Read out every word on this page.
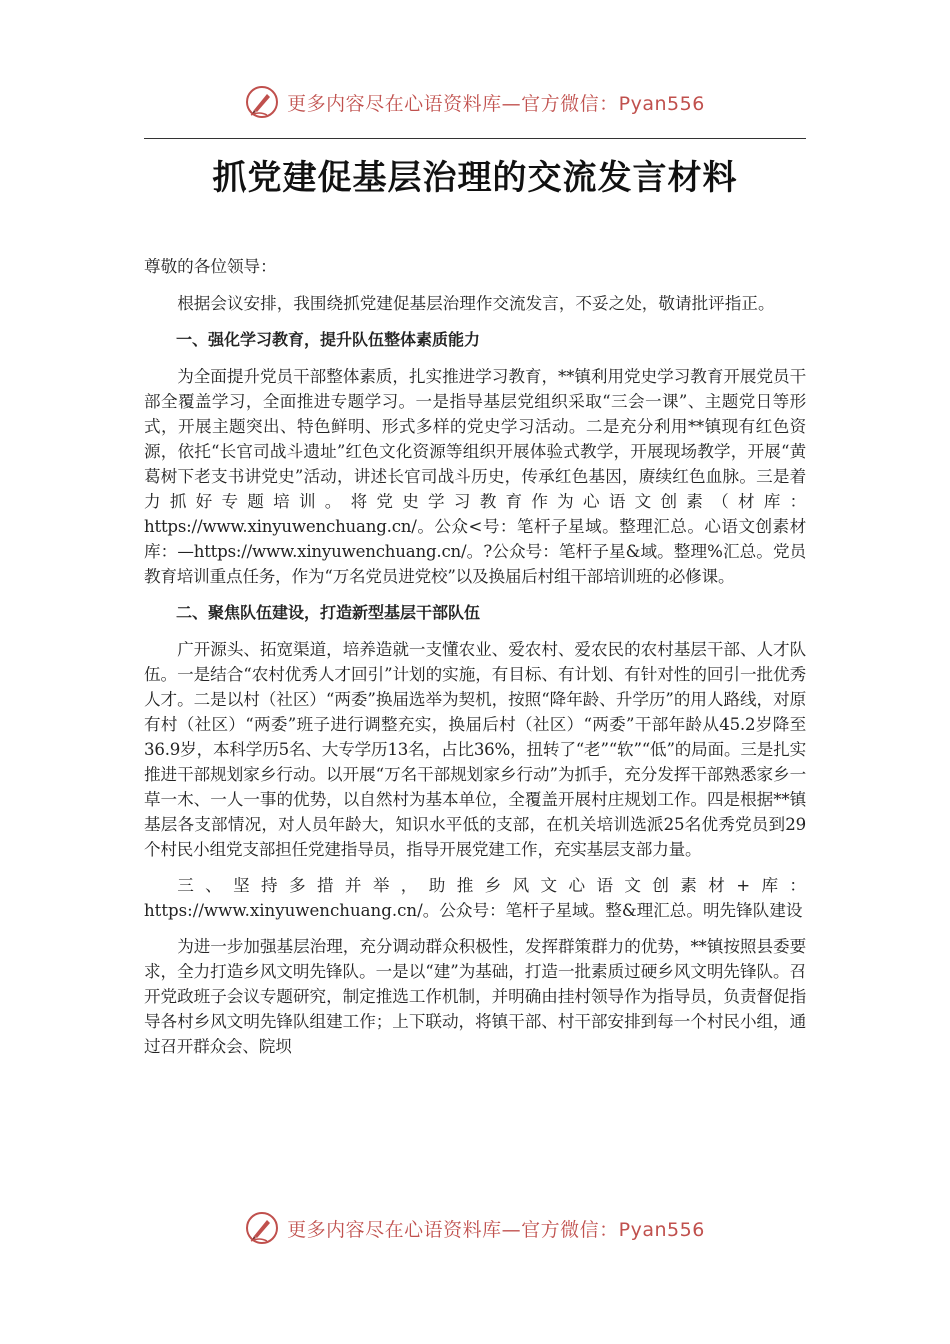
更多内容尽在心语资料库—官方微信：Pyan556
抓党建促基层治理的交流发言材料

尊敬的各位领导：

根据会议安排，我围绕抓党建促基层治理作交流发言，不妥之处，敬请批评指正。

一、强化学习教育，提升队伍整体素质能力

为全面提升党员干部整体素质，扎实推进学习教育，**镇利用党史学习教育开展党员干部全覆盖学习，全面推进专题学习。一是指导基层党组织采取“三会一课”、主题党日等形式，开展主题突出、特色鲜明、形式多样的党史学习活动。二是充分利用**镇现有红色资源，依托“长官司战斗遗址”红色文化资源等组织开展体验式教学，开展现场教学，开展“黄葛树下老支书讲党史”活动，讲述长官司战斗历史，传承红色基因，赓续红色血脉。三是着力抓好专题培训。将党史学习教育作为心语文创素（材库：https://www.xinyuwenchuang.cn/。公众<号：笔杆子星域。整理汇总。心语文创素材库：—https://www.xinyuwenchuang.cn/。?公众号：笔杆子星&域。整理%汇总。党员教育培训重点任务，作为“万名党员进党校”以及换届后村组干部培训班的必修课。

二、聚焦队伍建设，打造新型基层干部队伍

广开源头、拓宽渠道，培养造就一支懂农业、爱农村、爱农民的农村基层干部、人才队伍。一是结合“农村优秀人才回引”计划的实施，有目标、有计划、有针对性的回引一批优秀人才。二是以村（社区）“两委”换届选举为契机，按照“降年龄、升学历”的用人路线，对原有村（社区）“两委”班子进行调整充实，换届后村（社区）“两委”干部年龄从45.2岁降至36.9岁，本科学历5名、大专学历13名，占比36%，扭转了“老”“软”“低”的局面。三是扎实推进干部规划家乡行动。以开展“万名干部规划家乡行动”为抓手，充分发挥干部熟悉家乡一草一木、一人一事的优势，以自然村为基本单位，全覆盖开展村庄规划工作。四是根据**镇基层各支部情况，对人员年龄大，知识水平低的支部，在机关培训选派25名优秀党员到29个村民小组党支部担任党建指导员，指导开展党建工作，充实基层支部力量。

三、坚持多措并举，助推乡风文心语文创素材+库：https://www.xinyuwenchuang.cn/。公众号：笔杆子星域。整&理汇总。明先锋队建设

为进一步加强基层治理，充分调动群众积极性，发挥群策群力的优势，**镇按照县委要求，全力打造乡风文明先锋队。一是以“建”为基础，打造一批素质过硬乡风文明先锋队。召开党政班子会议专题研究，制定推选工作机制，并明确由挂村领导作为指导员，负责督促指导各村乡风文明先锋队组建工作；上下联动，将镇干部、村干部安排到每一个村民小组，通过召开群众会、院坝

更多内容尽在心语资料库—官方微信：Pyan556
